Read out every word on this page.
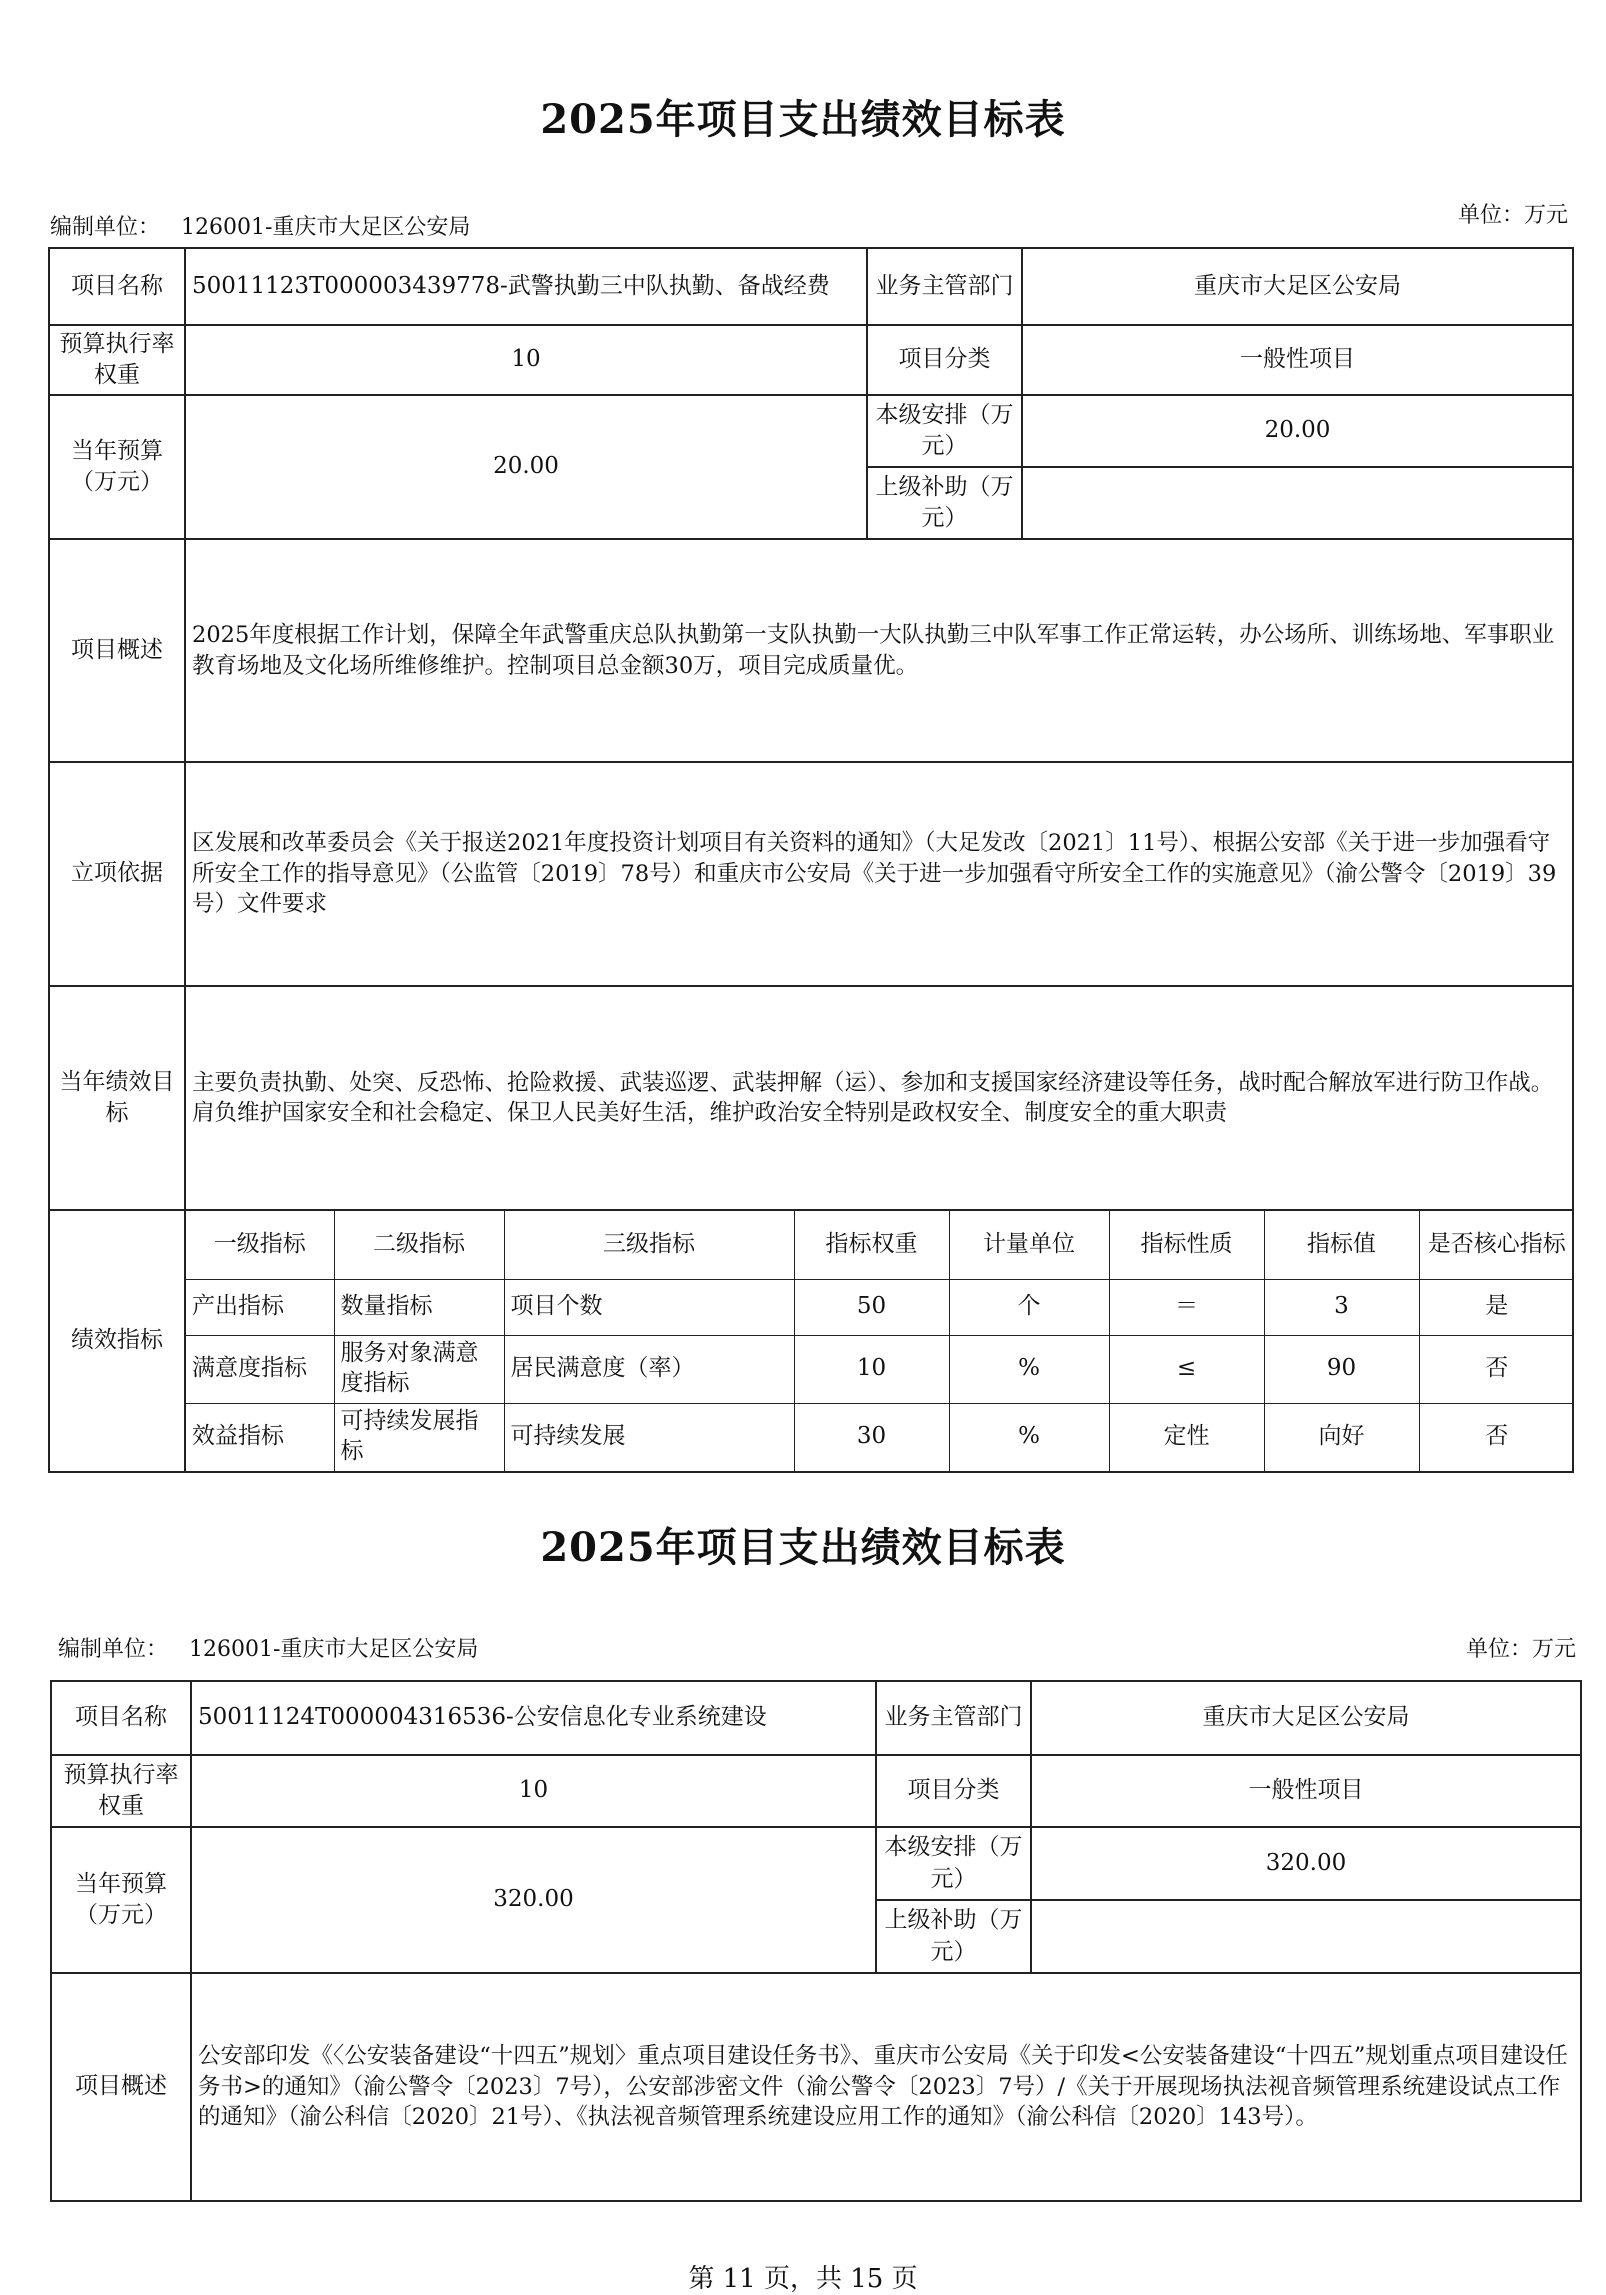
2025年项目支出绩效目标表
编制单位： 126001-重庆市大足区公安局	单位：万元
项目名称	50011123T000003439778-武警执勤三中队执勤、备战经费	业务主管部门	重庆市大足区公安局
预算执行率权重	10	项目分类	一般性项目
当年预算（万元）	20.00	本级安排（万元）	20.00
上级补助（万元）	
项目概述	2025年度根据工作计划，保障全年武警重庆总队执勤第一支队执勤一大队执勤三中队军事工作正常运转，办公场所、训练场地、军事职业教育场地及文化场所维修维护。控制项目总金额30万，项目完成质量优。
立项依据	区发展和改革委员会《关于报送2021年度投资计划项目有关资料的通知》（大足发改〔2021〕11号）、根据公安部《关于进一步加强看守所安全工作的指导意见》（公监管〔2019〕78号）和重庆市公安局《关于进一步加强看守所安全工作的实施意见》（渝公警令〔2019〕39号）文件要求
当年绩效目标	主要负责执勤、处突、反恐怖、抢险救援、武装巡逻、武装押解（运）、参加和支援国家经济建设等任务，战时配合解放军进行防卫作战。肩负维护国家安全和社会稳定、保卫人民美好生活，维护政治安全特别是政权安全、制度安全的重大职责
绩效指标	
一级指标	二级指标	三级指标	指标权重	计量单位	指标性质	指标值	是否核心指标
产出指标	数量指标	项目个数	50	个	＝	3	是
满意度指标	服务对象满意度指标	居民满意度（率）	10	%	≤	90	否
效益指标	可持续发展指标	可持续发展	30	%	定性	向好	否
2025年项目支出绩效目标表
编制单位： 126001-重庆市大足区公安局	单位：万元
项目名称	50011124T000004316536-公安信息化专业系统建设	业务主管部门	重庆市大足区公安局
预算执行率权重	10	项目分类	一般性项目
当年预算（万元）	320.00	本级安排（万元）	320.00
		上级补助（万元）	
项目概述	公安部印发《〈公安装备建设“十四五”规划〉重点项目建设任务书》、重庆市公安局《关于印发<公安装备建设“十四五”规划重点项目建设任务书>的通知》（渝公警令〔2023〕7号），公安部涉密文件（渝公警令〔2023〕7号）/《关于开展现场执法视音频管理系统建设试点工作的通知》（渝公科信〔2020〕21号）、《执法视音频管理系统建设应用工作的通知》（渝公科信〔2020〕143号）。		
第 11 页，共 15 页
